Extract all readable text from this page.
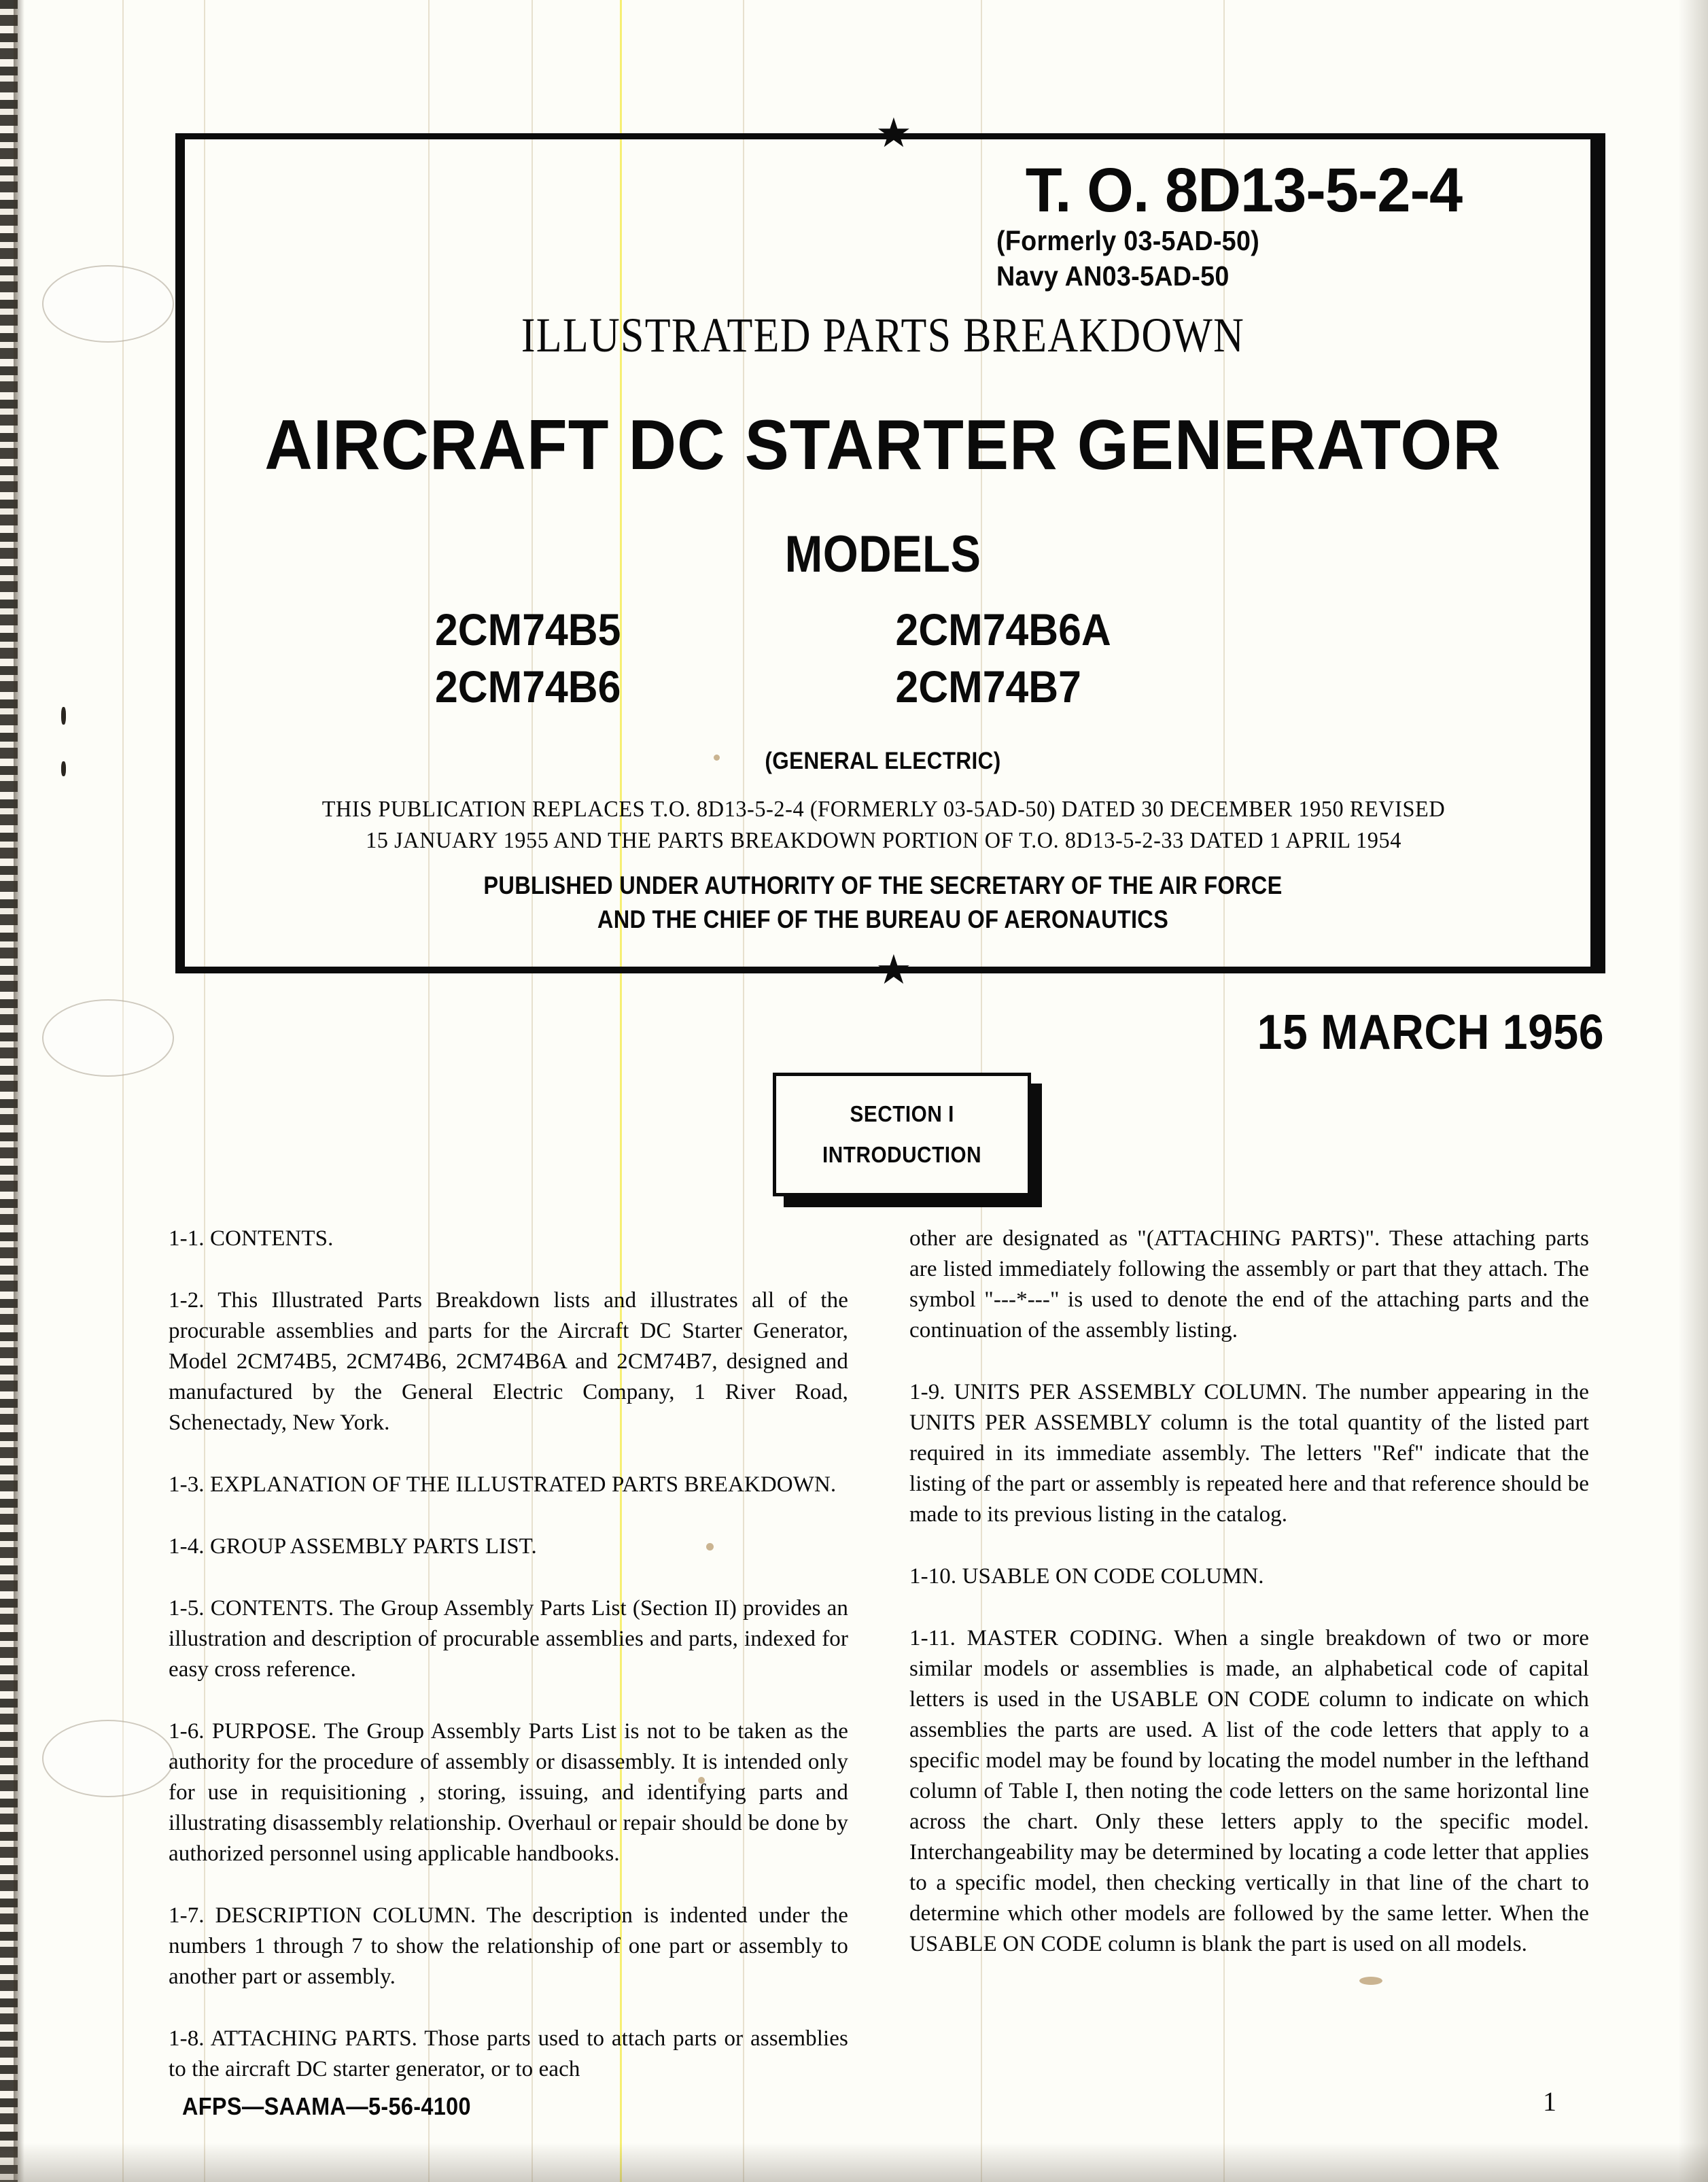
★
★
T. O. 8D13-5-2-4
(Formerly 03-5AD-50)
Navy AN03-5AD-50
ILLUSTRATED PARTS BREAKDOWN
AIRCRAFT DC STARTER GENERATOR
MODELS
2CM74B5	2CM74B6A
2CM74B6	2CM74B7
(GENERAL ELECTRIC)
THIS PUBLICATION REPLACES T.O. 8D13-5-2-4 (FORMERLY 03-5AD-50) DATED 30 DECEMBER 1950 REVISED
15 JANUARY 1955 AND THE PARTS BREAKDOWN PORTION OF T.O. 8D13-5-2-33 DATED 1 APRIL 1954
PUBLISHED UNDER AUTHORITY OF THE SECRETARY OF THE AIR FORCE
AND THE CHIEF OF THE BUREAU OF AERONAUTICS
15 MARCH 1956
SECTION I
INTRODUCTION

1-1. CONTENTS.

1-2. This Illustrated Parts Breakdown lists and illustrates all of the procurable assemblies and parts for the Aircraft DC Starter Generator, Model 2CM74B5, 2CM74B6, 2CM74B6A and 2CM74B7, designed and manufactured by the General Electric Company, 1 River Road, Schenectady, New York.

1-3. EXPLANATION OF THE ILLUSTRATED PARTS BREAKDOWN.

1-4. GROUP ASSEMBLY PARTS LIST.

1-5. CONTENTS. The Group Assembly Parts List (Section II) provides an illustration and description of procurable assemblies and parts, indexed for easy cross reference.

1-6. PURPOSE. The Group Assembly Parts List is not to be taken as the authority for the procedure of assembly or disassembly. It is intended only for use in requisitioning , storing, issuing, and identifying parts and illustrating disassembly relationship. Overhaul or repair should be done by authorized personnel using applicable handbooks.

1-7. DESCRIPTION COLUMN. The description is indented under the numbers 1 through 7 to show the relationship of one part or assembly to another part or assembly.

1-8. ATTACHING PARTS. Those parts used to attach parts or assemblies to the aircraft DC starter generator, or to each

other are designated as "(ATTACHING PARTS)". These attaching parts are listed immediately following the assembly or part that they attach. The symbol "---*---" is used to denote the end of the attaching parts and the continuation of the assembly listing.

1-9. UNITS PER ASSEMBLY COLUMN. The number appearing in the UNITS PER ASSEMBLY column is the total quantity of the listed part required in its immediate assembly. The letters "Ref" indicate that the listing of the part or assembly is repeated here and that reference should be made to its previous listing in the catalog.

1-10. USABLE ON CODE COLUMN.

1-11. MASTER CODING. When a single breakdown of two or more similar models or assemblies is made, an alphabetical code of capital letters is used in the USABLE ON CODE column to indicate on which assemblies the parts are used. A list of the code letters that apply to a specific model may be found by locating the model number in the lefthand column of Table I, then noting the code letters on the same horizontal line across the chart. Only these letters apply to the specific model. Interchangeability may be determined by locating a code letter that applies to a specific model, then checking vertically in that line of the chart to determine which other models are followed by the same letter. When the USABLE ON CODE column is blank the part is used on all models.

AFPS—SAAMA—5-56-4100	1
